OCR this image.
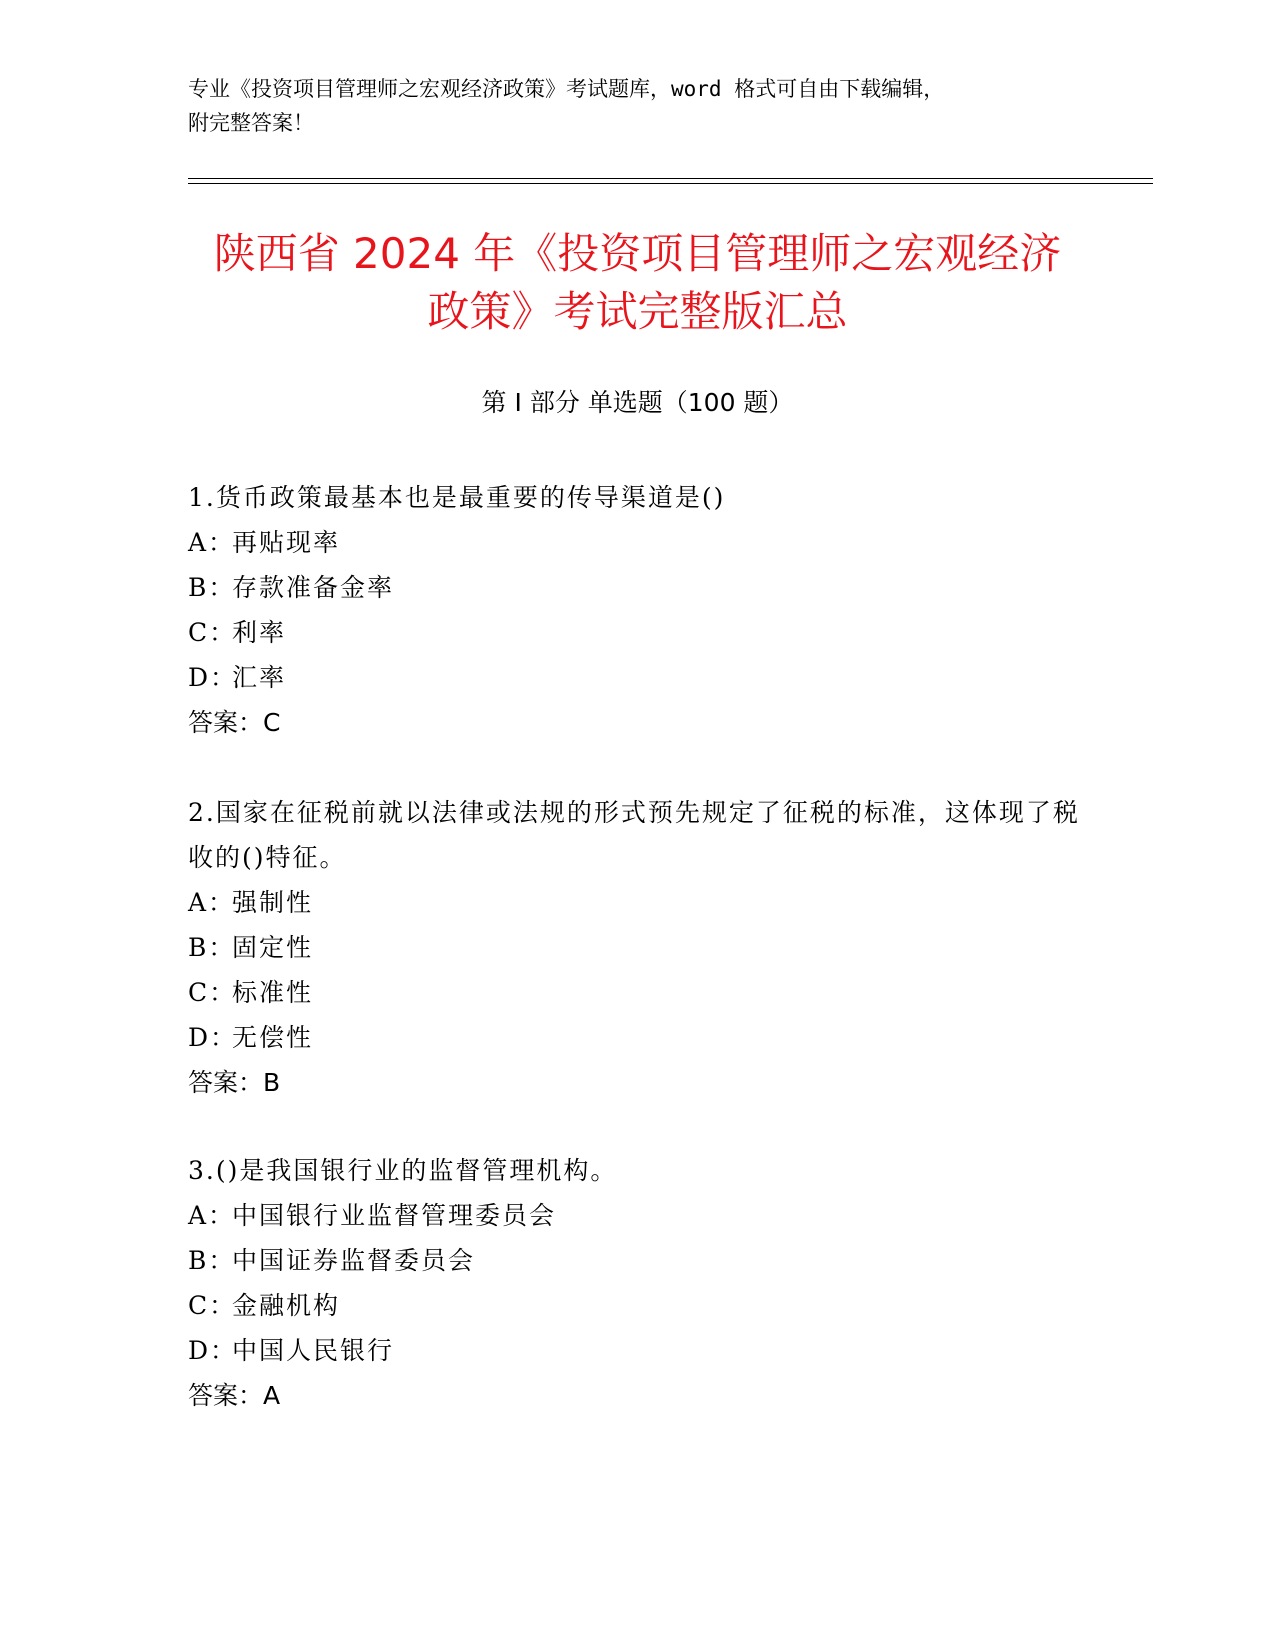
专业《投资项目管理师之宏观经济政策》考试题库，word 格式可自由下载编辑，
附完整答案！
陕西省 2024 年《投资项目管理师之宏观经济
政策》考试完整版汇总
第 I 部分 单选题（100 题）

1.货币政策最基本也是最重要的传导渠道是()

A：再贴现率

B：存款准备金率

C：利率

D：汇率

答案：C

2.国家在征税前就以法律或法规的形式预先规定了征税的标准，这体现了税收的()特征。

A：强制性

B：固定性

C：标准性

D：无偿性

答案：B

3.()是我国银行业的监督管理机构。

A：中国银行业监督管理委员会

B：中国证券监督委员会

C：金融机构

D：中国人民银行

答案：A
